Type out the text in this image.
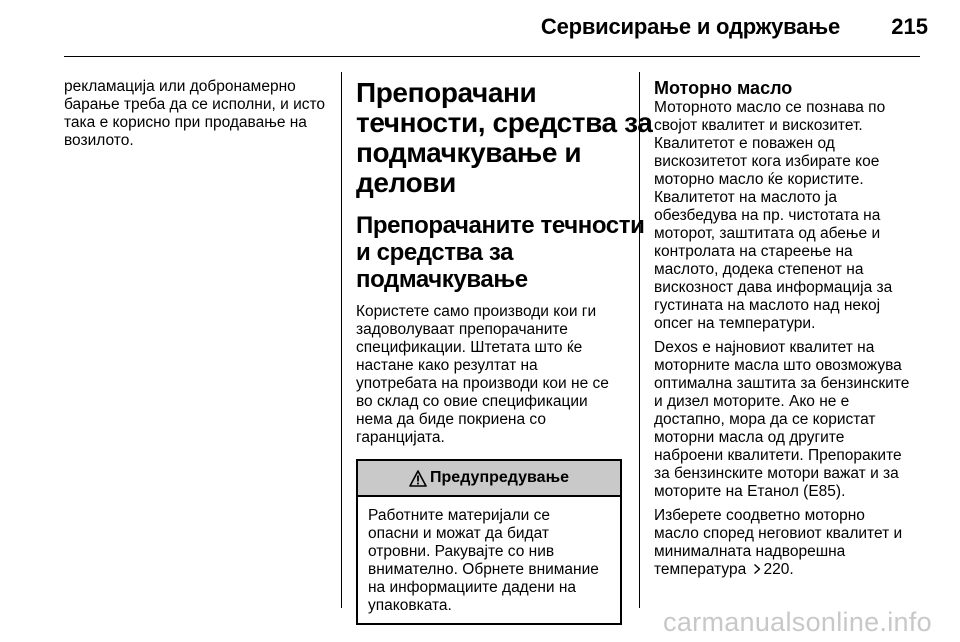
Сервисирање и одржување 215

рекламација или добронамерно
барање треба да се исполни, и исто
така е корисно при продавање на
возилото.

Препорачани
течности, средства за
подмачкување и
делови
Препорачаните течности
и средства за
подмачкување

Користете само производи кои ги
задоволуваат препорачаните
спецификации. Штетата што ќе
настане како резултат на
употребата на производи кои не се
во склад со овие спецификации
нема да биде покриена со
гаранцијата.

Предупредување
Работните материјали се
опасни и можат да бидат
отровни. Ракувајте со нив
внимателно. Обрнете внимание
на информациите дадени на
упаковката.
Моторно масло

Моторното масло се познава по
својот квалитет и вискозитет.
Квалитетот е поважен од
вискозитетот кога избирате кое
моторно масло ќе користите.
Квалитетот на маслото ја
обезбедува на пр. чистотата на
моторот, заштитата од абење и
контролата на стареење на
маслото, додека степенот на
вискозност дава информација за
густината на маслото над некој
опсег на температури.

Dexos е најновиот квалитет на
моторните масла што овозможува
оптимална заштита за бензинските
и дизел моторите. Ако не е
достапно, мора да се користат
моторни масла од другите
наброени квалитети. Препораките
за бензинските мотори важат и за
моторите на Етанол (E85).

Изберете соодветно моторно
масло според неговиот квалитет и
минималната надворешна
температура 220.

carmanualsonline.info
